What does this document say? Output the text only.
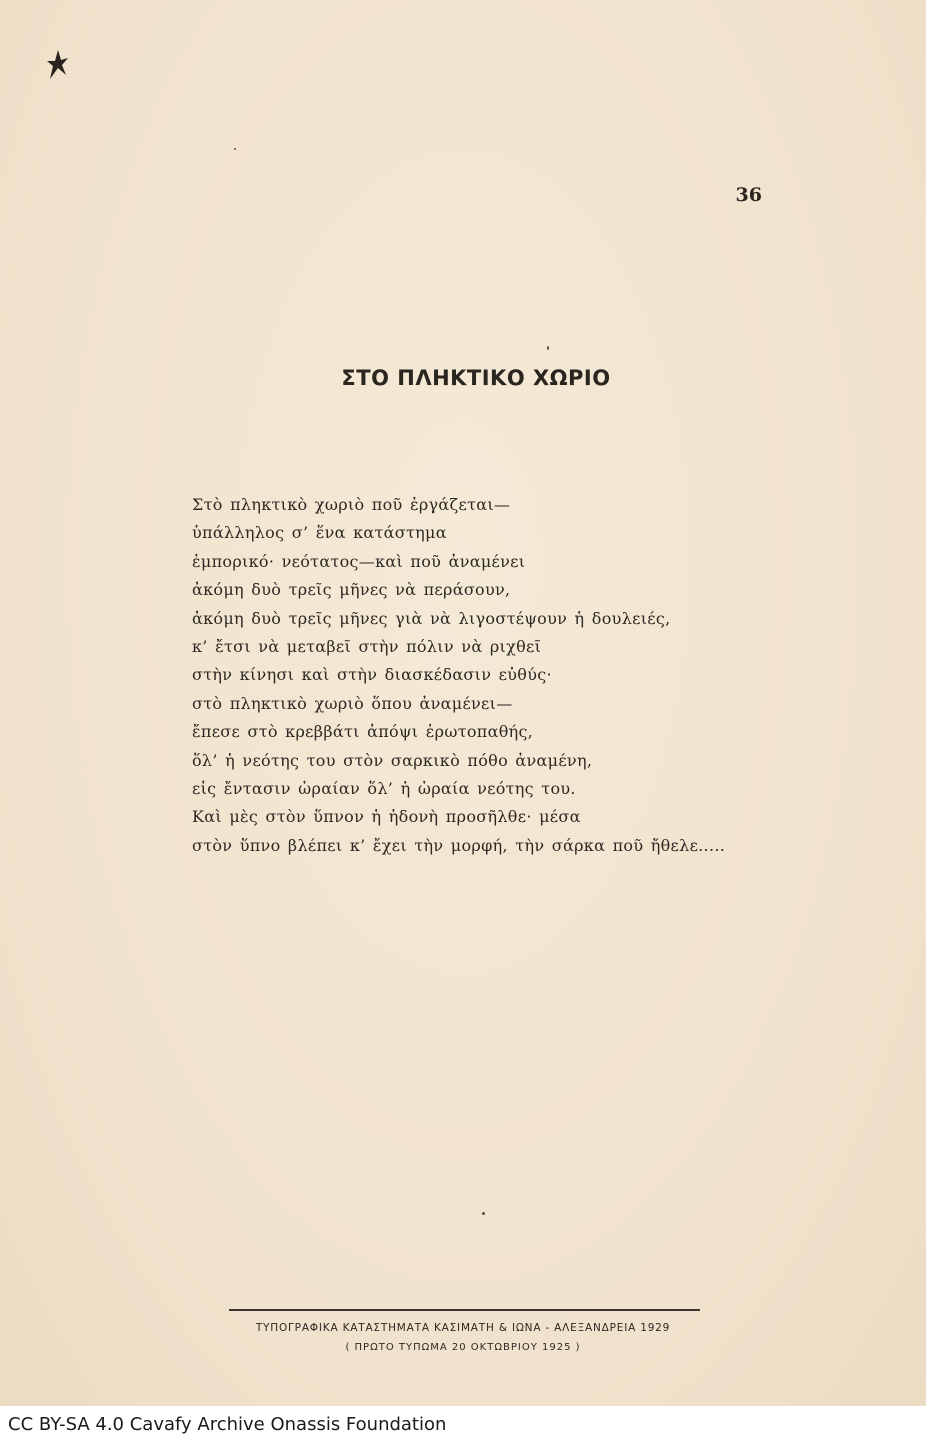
36

ΣΤΟ ΠΛΗΚΤΙΚΟ ΧΩΡΙΟ
Στὸ πληκτικὸ χωριὸ ποῦ ἐργάζεται—
ὑπάλληλος σ’ ἕνα κατάστημα
ἐμπορικό· νεότατος—καὶ ποῦ ἀναμένει
ἀκόμη δυὸ τρεῖς μῆνες νὰ περάσουν,
ἀκόμη δυὸ τρεῖς μῆνες γιὰ νὰ λιγοστέψουν ἡ δουλειές,
κ’ ἔτσι νὰ μεταβεῖ στὴν πόλιν νὰ ριχθεῖ
στὴν κίνησι καὶ στὴν διασκέδασιν εὐθύς·
στὸ πληκτικὸ χωριὸ ὅπου ἀναμένει—
ἔπεσε στὸ κρεββάτι ἀπόψι ἐρωτοπαθής,
ὅλ’ ἡ νεότης του στὸν σαρκικὸ πόθο ἀναμένη,
εἰς ἔντασιν ὡραίαν ὅλ’ ἡ ὡραία νεότης του.
Καὶ μὲς στὸν ὕπνον ἡ ἡδονὴ προσῆλθε· μέσα
στὸν ὕπνο βλέπει κ’ ἔχει τὴν μορφή, τὴν σάρκα ποῦ ἤθελε.....

ΤΥΠΟΓΡΑΦΙΚΑ ΚΑΤΑΣΤΗΜΑΤΑ ΚΑΣΙΜΑΤΗ & ΙΩΝΑ - ΑΛΕΞΑΝΔΡΕΙΑ 1929

( ΠΡΩΤΟ ΤΥΠΩΜΑ 20 ΟΚΤΩΒΡΙΟΥ 1925 )

CC BY-SA 4.0 Cavafy Archive Onassis Foundation
